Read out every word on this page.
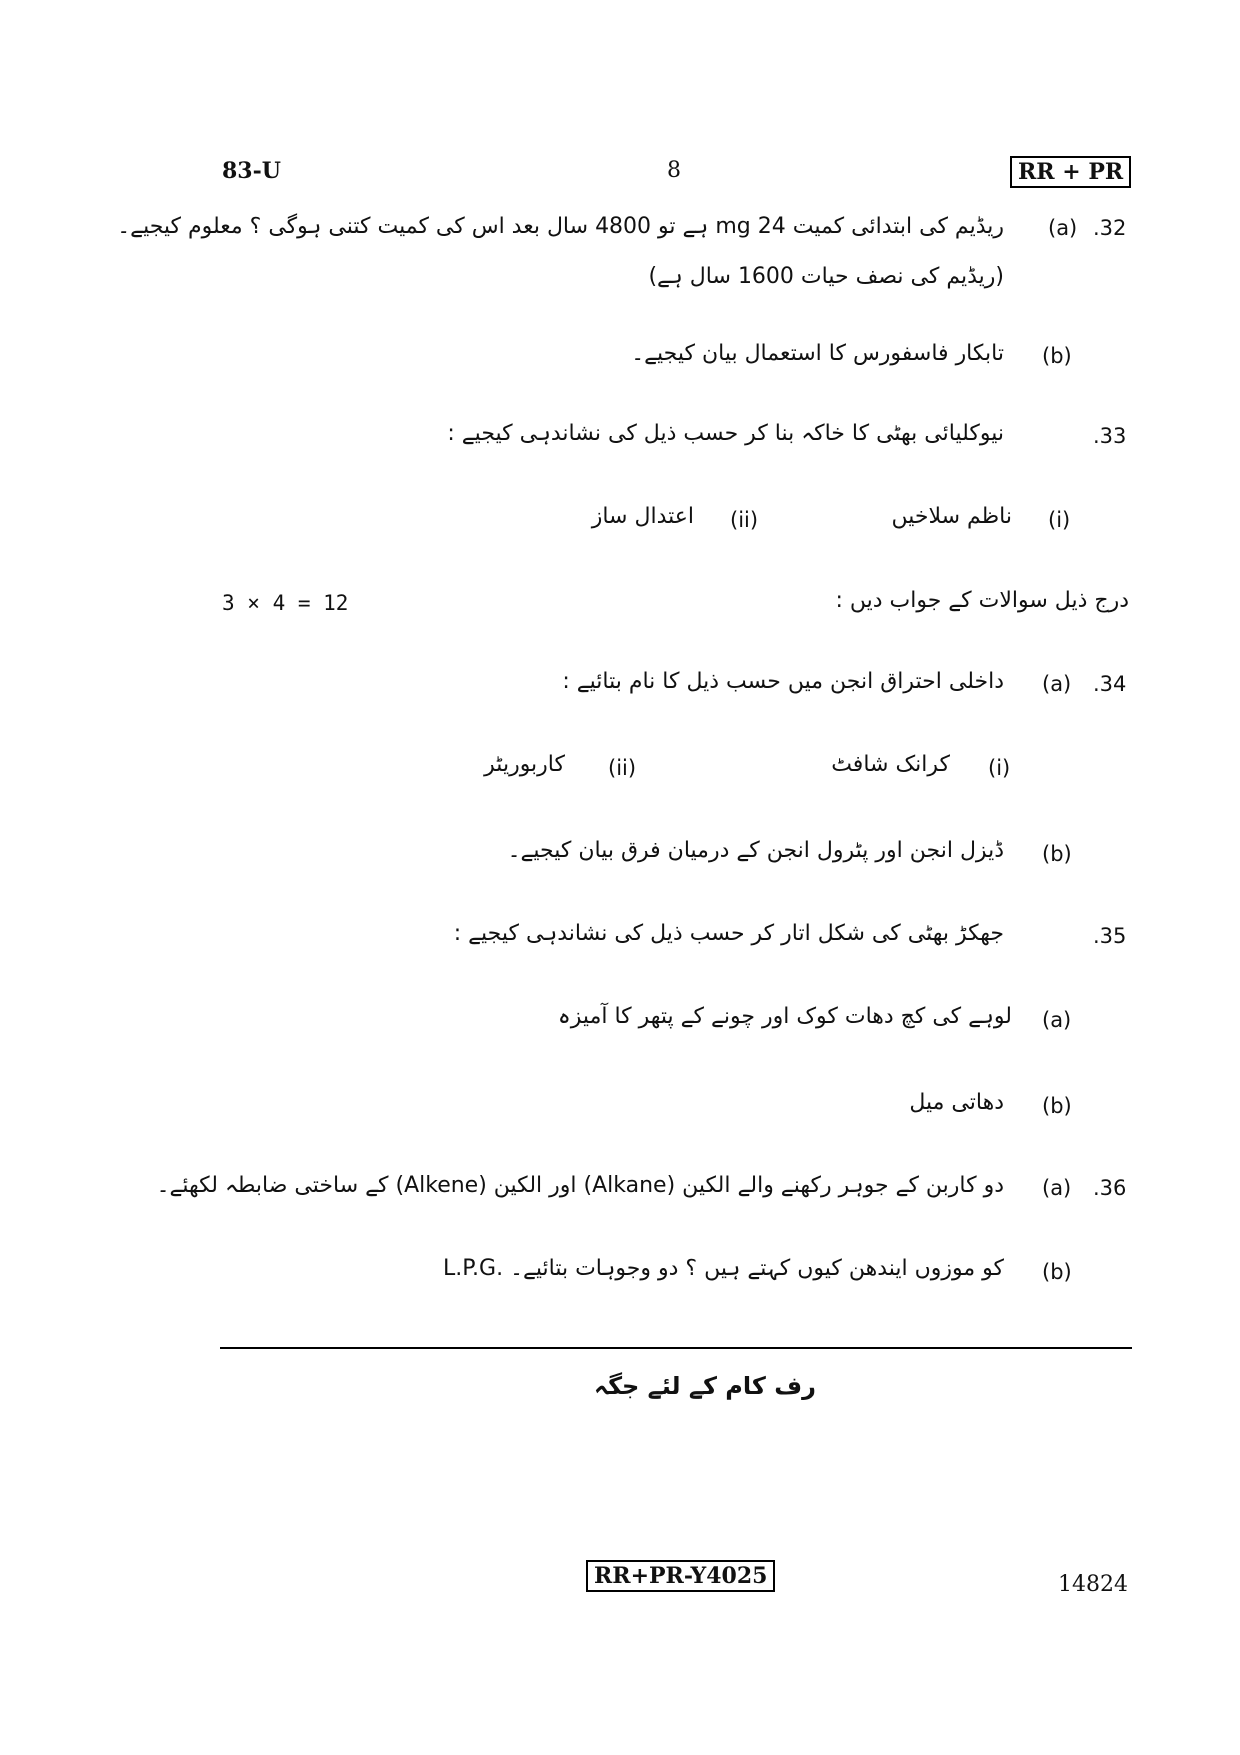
83-U	8	RR + PR
.32
(a)
ریڈیم کی ابتدائی کمیت 24 mg ہے تو 4800 سال بعد اس کی کمیت کتنی ہوگی ؟ معلوم کیجیے۔
(ریڈیم کی نصف حیات 1600 سال ہے)
(b)
تابکار فاسفورس کا استعمال بیان کیجیے۔
.33
نیوکلیائی بھٹی کا خاکہ بنا کر حسب ذیل کی نشاندہی کیجیے :
(i)
ناظم سلاخیں
(ii)
اعتدال ساز
درج ذیل سوالات کے جواب دیں :
3 × 4 = 12
.34
(a)
داخلی احتراق انجن میں حسب ذیل کا نام بتائیے :
(i)
کرانک شافٹ
(ii)
کاربوریٹر
(b)
ڈیزل انجن اور پٹرول انجن کے درمیان فرق بیان کیجیے۔
.35
جھکڑ بھٹی کی شکل اتار کر حسب ذیل کی نشاندہی کیجیے :
(a)
لوہے کی کچ دھات کوک اور چونے کے پتھر کا آمیزہ
(b)
دھاتی میل
.36
(a)
دو کاربن کے جوہر رکھنے والے الکین (Alkane) اور الکین (Alkene) کے ساختی ضابطہ لکھئے۔
(b)
L.P.G. کو موزوں ایندھن کیوں کہتے ہیں ؟ دو وجوہات بتائیے۔
رف کام کے لئے جگہ
RR+PR-Y4025	14824
